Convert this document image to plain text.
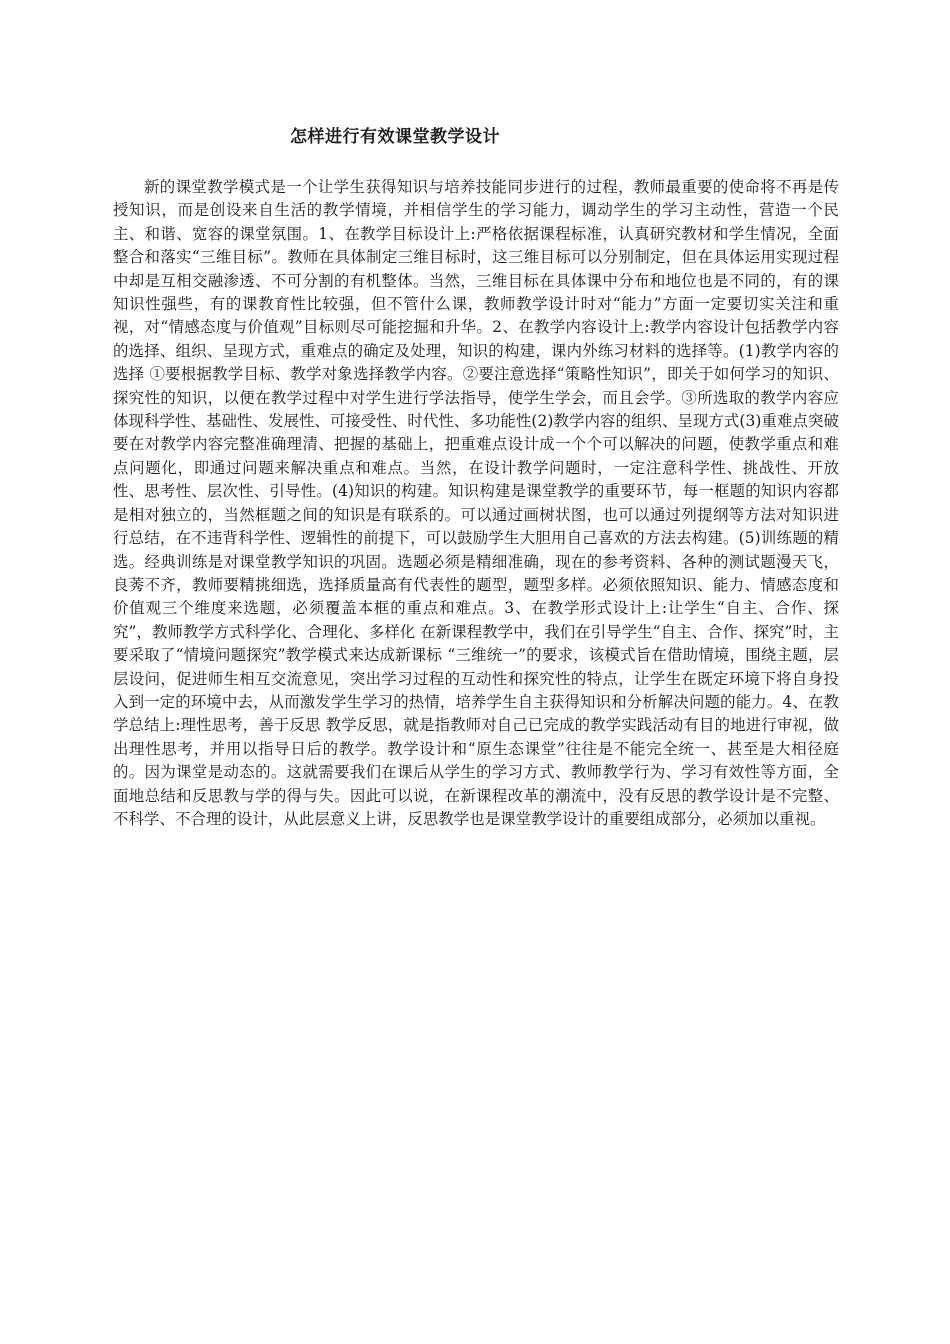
怎样进行有效课堂教学设计

新的课堂教学模式是一个让学生获得知识与培养技能同步进行的过程，教师最重要的使命将不再是传授知识，而是创设来自生活的教学情境，并相信学生的学习能力，调动学生的学习主动性，营造一个民主、和谐、宽容的课堂氛围。1、在教学目标设计上:严格依据课程标准，认真研究教材和学生情况，全面整合和落实“三维目标”。教师在具体制定三维目标时，这三维目标可以分别制定，但在具体运用实现过程中却是互相交融渗透、不可分割的有机整体。当然，三维目标在具体课中分布和地位也是不同的，有的课知识性强些，有的课教育性比较强，但不管什么课，教师教学设计时对“能力”方面一定要切实关注和重视，对“情感态度与价值观”目标则尽可能挖掘和升华。2、在教学内容设计上:教学内容设计包括教学内容的选择、组织、呈现方式，重难点的确定及处理，知识的构建，课内外练习材料的选择等。(1)教学内容的选择 ①要根据教学目标、教学对象选择教学内容。②要注意选择“策略性知识”，即关于如何学习的知识、探究性的知识，以便在教学过程中对学生进行学法指导，使学生学会，而且会学。③所选取的教学内容应体现科学性、基础性、发展性、可接受性、时代性、多功能性(2)教学内容的组织、呈现方式(3)重难点突破 要在对教学内容完整准确理清、把握的基础上，把重难点设计成一个个可以解决的问题，使教学重点和难点问题化，即通过问题来解决重点和难点。当然，在设计教学问题时，一定注意科学性、挑战性、开放性、思考性、层次性、引导性。(4)知识的构建。知识构建是课堂教学的重要环节，每一框题的知识内容都是相对独立的，当然框题之间的知识是有联系的。可以通过画树状图，也可以通过列提纲等方法对知识进行总结，在不违背科学性、逻辑性的前提下，可以鼓励学生大胆用自己喜欢的方法去构建。(5)训练题的精选。经典训练是对课堂教学知识的巩固。选题必须是精细准确，现在的参考资料、各种的测试题漫天飞，良莠不齐，教师要精挑细选，选择质量高有代表性的题型，题型多样。必须依照知识、能力、情感态度和价值观三个维度来选题，必须覆盖本框的重点和难点。3、在教学形式设计上:让学生“自主、合作、探究”，教师教学方式科学化、合理化、多样化 在新课程教学中，我们在引导学生“自主、合作、探究”时，主要采取了“情境问题探究”教学模式来达成新课标 “三维统一”的要求，该模式旨在借助情境，围绕主题，层层设问，促进师生相互交流意见，突出学习过程的互动性和探究性的特点，让学生在既定环境下将自身投入到一定的环境中去，从而激发学生学习的热情，培养学生自主获得知识和分析解决问题的能力。4、在教学总结上:理性思考，善于反思 教学反思，就是指教师对自己已完成的教学实践活动有目的地进行审视，做出理性思考，并用以指导日后的教学。教学设计和“原生态课堂”往往是不能完全统一、甚至是大相径庭的。因为课堂是动态的。这就需要我们在课后从学生的学习方式、教师教学行为、学习有效性等方面，全面地总结和反思教与学的得与失。因此可以说，在新课程改革的潮流中，没有反思的教学设计是不完整、不科学、不合理的设计，从此层意义上讲，反思教学也是课堂教学设计的重要组成部分，必须加以重视。
